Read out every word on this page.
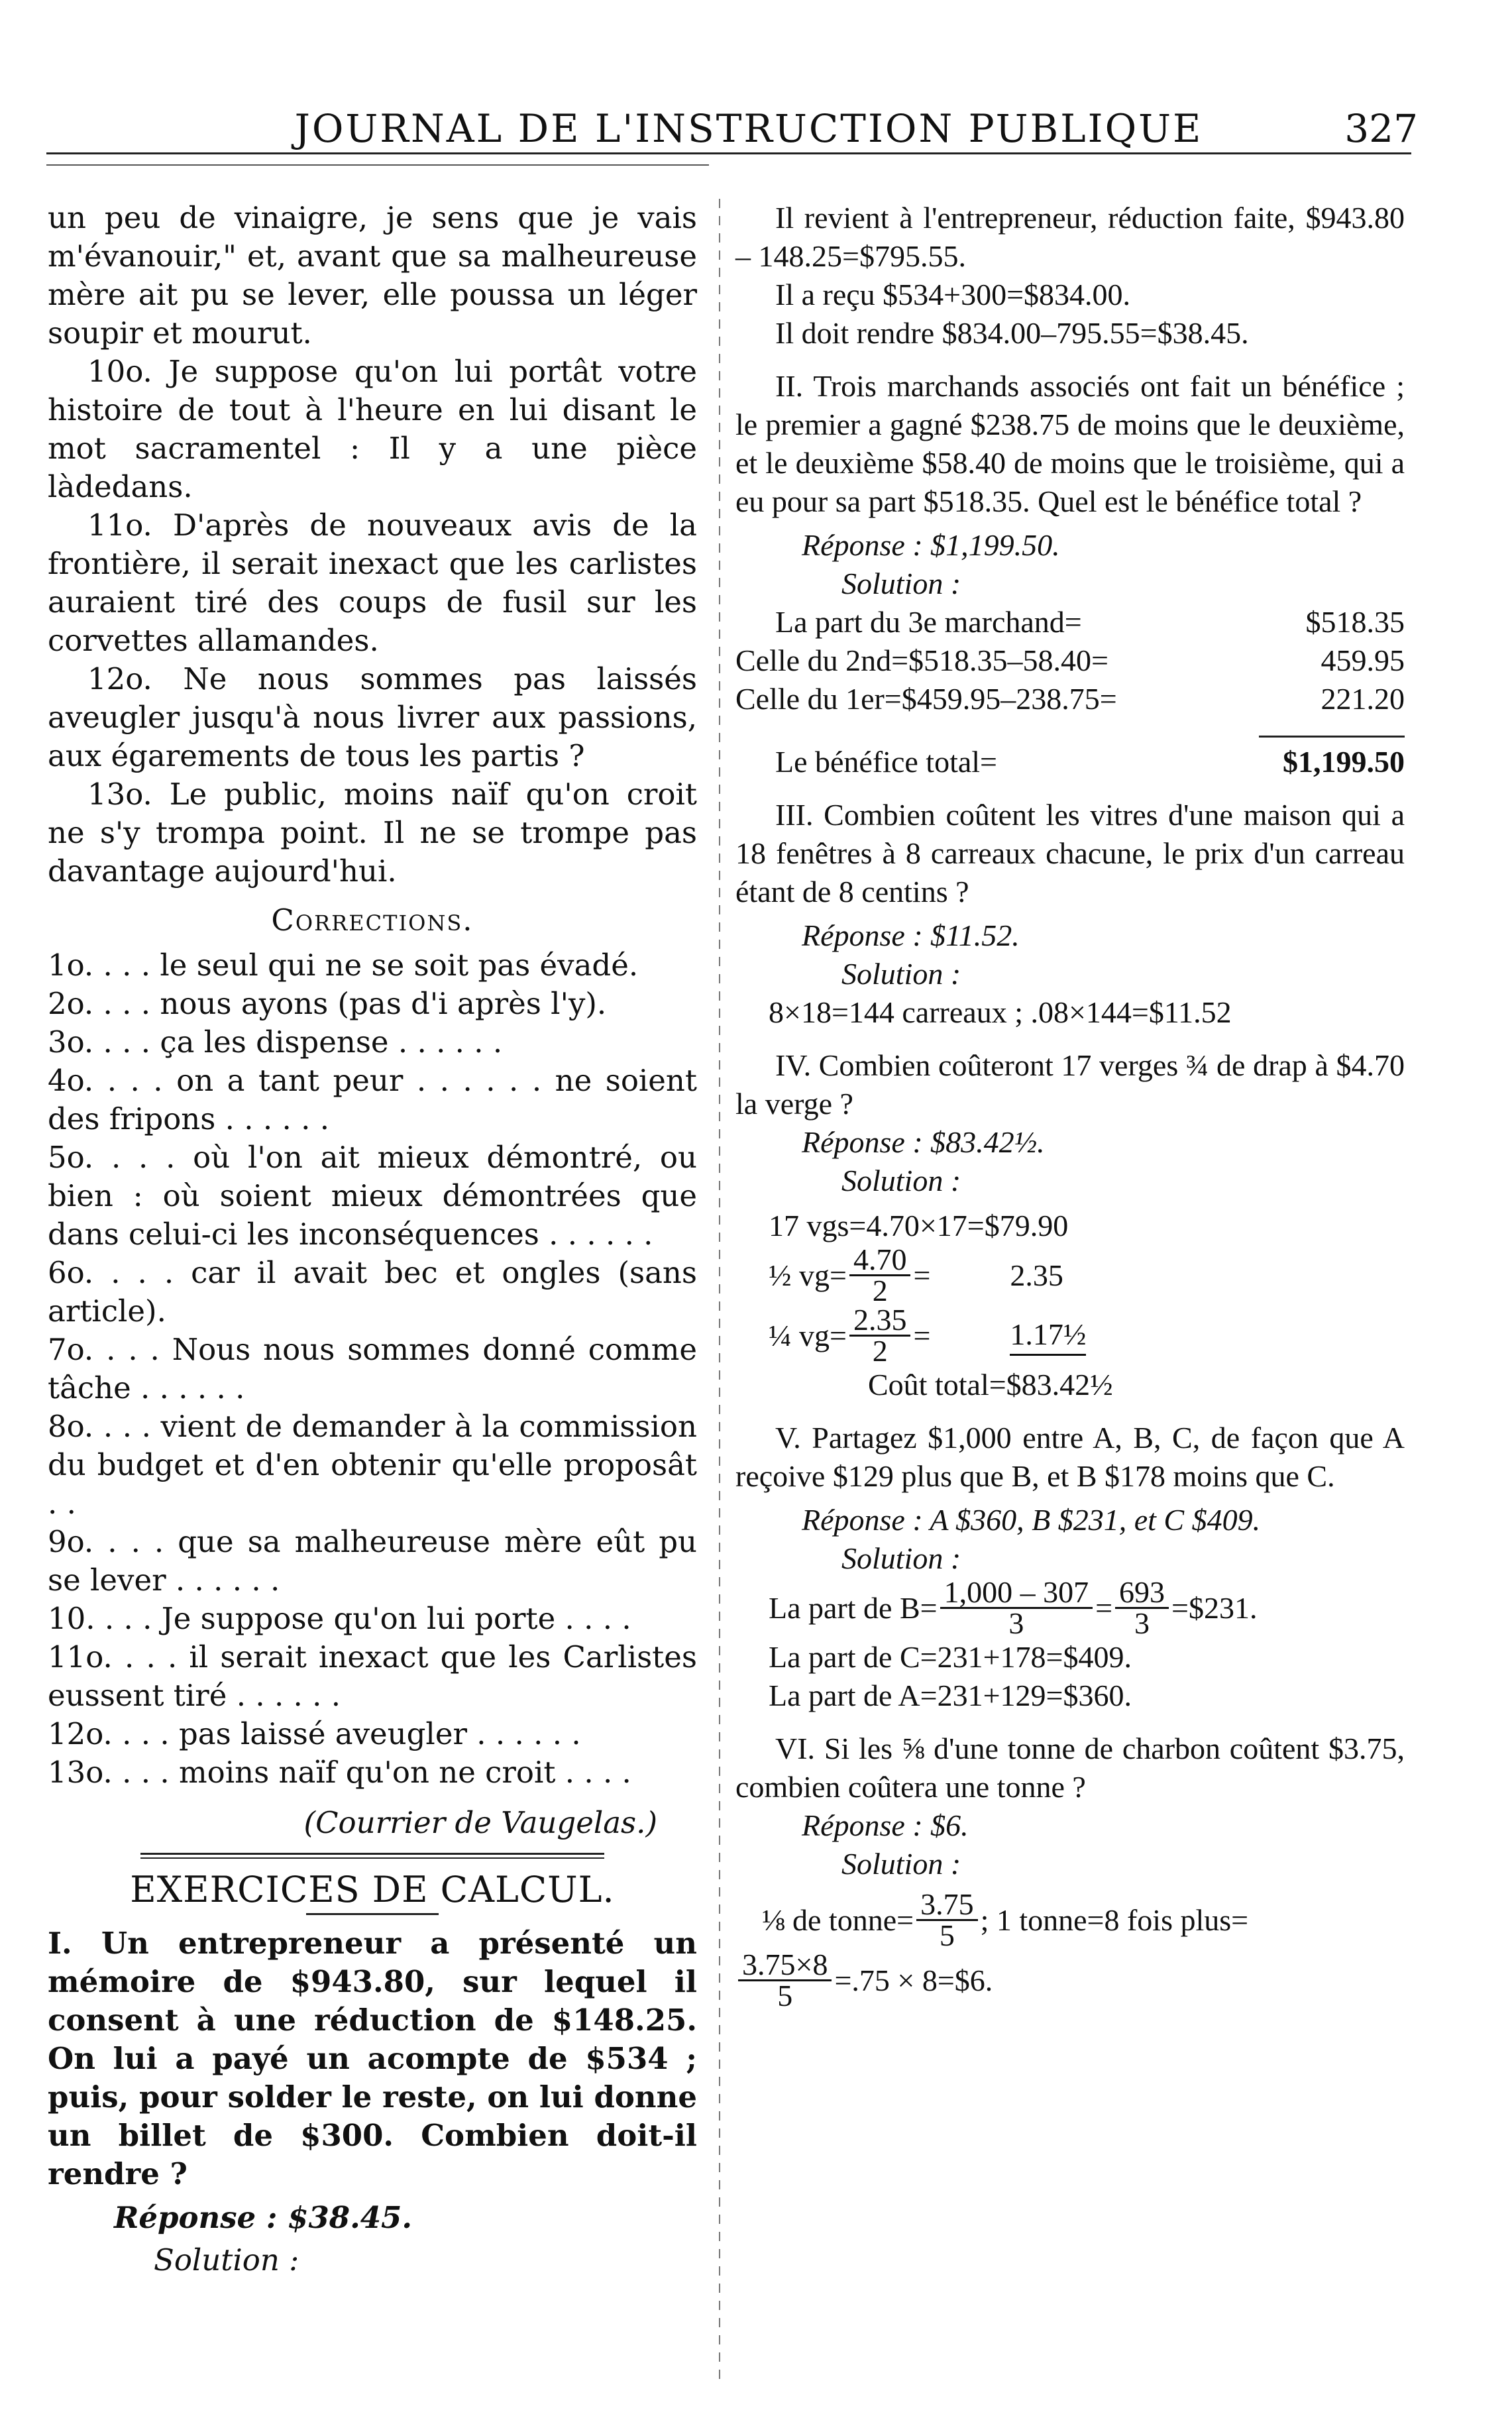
JOURNAL DE L'INSTRUCTION PUBLIQUE	327

un peu de vinaigre, je sens que je vais m'évanouir," et, avant que sa malheureuse mère ait pu se lever, elle poussa un léger soupir et mourut.

10o. Je suppose qu'on lui portât votre histoire de tout à l'heure en lui disant le mot sacramentel : Il y a une pièce làdedans.

11o. D'après de nouveaux avis de la frontière, il serait inexact que les carlistes auraient tiré des coups de fusil sur les corvettes allamandes.

12o. Ne nous sommes pas laissés aveugler jusqu'à nous livrer aux passions, aux égarements de tous les partis ?

13o. Le public, moins naïf qu'on croit ne s'y trompa point. Il ne se trompe pas davantage aujourd'hui.

Corrections.

1o. . . . le seul qui ne se soit pas évadé.

2o. . . . nous ayons (pas d'i après l'y).

3o. . . . ça les dispense . . . . . .

4o. . . . on a tant peur . . . . . . ne soient des fripons . . . . . .

5o. . . . où l'on ait mieux démontré, ou bien : où soient mieux démontrées que dans celui-ci les inconséquences . . . . . .

6o. . . . car il avait bec et ongles (sans article).

7o. . . . Nous nous sommes donné comme tâche . . . . . .

8o. . . . vient de demander à la commission du budget et d'en obtenir qu'elle proposât . .

9o. . . . que sa malheureuse mère eût pu se lever . . . . . .

10. . . . Je suppose qu'on lui porte . . . .

11o. . . . il serait inexact que les Carlistes eussent tiré . . . . . .

12o. . . . pas laissé aveugler . . . . . .

13o. . . . moins naïf qu'on ne croit . . . .

(Courrier de Vaugelas.)
EXERCICES DE CALCUL.

I. Un entrepreneur a présenté un mémoire de $943.80, sur lequel il consent à une réduction de $148.25. On lui a payé un acompte de $534 ; puis, pour solder le reste, on lui donne un billet de $300. Combien doit-il rendre ?

Réponse : $38.45.

Solution :

Il revient à l'entrepreneur, réduction faite, $943.80 – 148.25=$795.55.

Il a reçu $534+300=$834.00.

Il doit rendre $834.00–795.55=$38.45.

II. Trois marchands associés ont fait un bénéfice ; le premier a gagné $238.75 de moins que le deuxième, et le deuxième $58.40 de moins que le troisième, qui a eu pour sa part $518.35. Quel est le bénéfice total ?

Réponse : $1,199.50.

Solution :

La part du 3e marchand=	$518.35
Celle du 2nd=$518.35–58.40=	459.95
Celle du 1er=$459.95–238.75=	221.20
Le bénéfice total=	$1,199.50

III. Combien coûtent les vitres d'une maison qui a 18 fenêtres à 8 carreaux chacune, le prix d'un carreau étant de 8 centins ?

Réponse : $11.52.

Solution :

8×18=144 carreaux ; .08×144=$11.52

IV. Combien coûteront 17 verges ¾ de drap à $4.70 la verge ?

Réponse : $83.42½.

Solution :

17 vgs=4.70×17=$79.90

½ $vg= \frac{4.70}{2}$ =	2.35
¼ $vg= \frac{2.35}{2}$ =	1.17½

Coût total=$83.42½

V. Partagez $1,000 entre A, B, C, de façon que A reçoive $129 plus que B, et B $178 moins que C.

Réponse : A $360, B $231, et C $409.

Solution :

La part de $B= \frac{1,000 - 307}{3} = \frac{693}{3}$ =$231.

La part de C=231+178=$409.

La part de A=231+129=$360.

VI. Si les ⅝ d'une tonne de charbon coûtent $3.75, combien coûtera une tonne ?

Réponse : $6.

Solution :

⅛ de tonne= $\frac{3.75}{5}$ ; 1 tonne=8 fois plus=
$\frac{3.75\times 8}{5} =.75$ × 8=$6.
